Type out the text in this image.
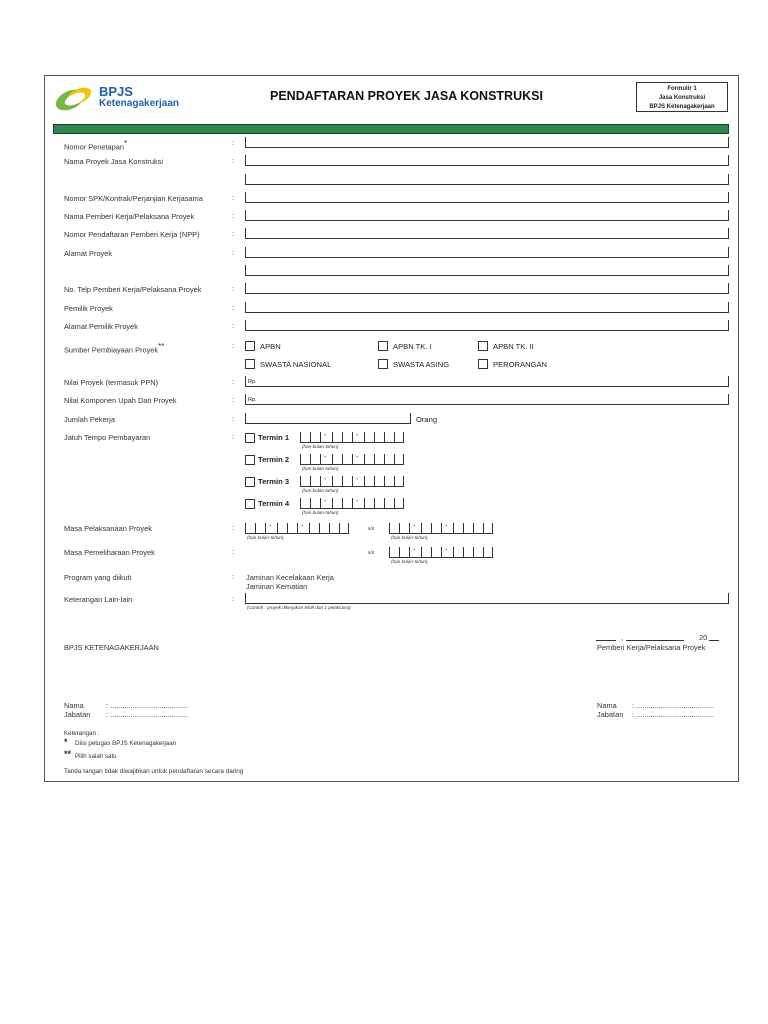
BPJS
Ketenagakerjaan
PENDAFTARAN PROYEK JASA KONSTRUKSI	Formulir 1
Jasa Konstruksi
BPJS Ketenagakerjaan
Nomor Penetapan*	:
Nama Proyek Jasa Konstruksi	:
Nomor SPK/Kontrak/Perjanjian Kerjasama	:
Nama Pemberi Kerja/Pelaksana Proyek	:
Nomor Pendaftaran Pemberi Kerja (NPP)	:
Alamat Proyek	:
No. Telp Pemberi Kerja/Pelaksana Proyek	:
Pemilik Proyek	:
Alamat Pemilik Proyek	:
Sumber Pembiayaan Proyek**	:	APBN	APBN TK. I	APBN TK. II
SWASTA NASIONAL	SWASTA ASING	PERORANGAN
Nilai Proyek (termasuk PPN)	:	Rp.
Nilai Komponen Upah Dari Proyek	:	Rp.
Jumlah Pekerja	:	Orang
Jatuh Tempo Pembayaran	:	Termin 1
-
-
(hari-bulan-tahun)
Termin 2
-
-
(hari-bulan-tahun)
Termin 3
-
-
(hari-bulan-tahun)
Termin 4
-
-
(hari-bulan-tahun)
Masa Pelaksanaan Proyek	:
-
-
(hari-bulan-tahun)
s/d
-
-
(hari-bulan-tahun)
Masa Pemeliharaan Proyek	:	s/d
-
-
(hari-bulan-tahun)
Program yang diikuti	: Jaminan Kecelakaan Kerja
Jaminan Kematian
Keterangan Lain-lain	:
(Contoh : proyek dikerjakan lebih dari 1 pelaksana)
BPJS KETENAGAKERJAAN
,	20
Pemberi Kerja/Pelaksana Proyek
Nama	: ......................................
Jabatan : ......................................
Nama : ......................................
Jabatan : ......................................
Keterangan :
* Diisi petugas BPJS Ketenagakerjaan
** Pilih salah satu
Tanda tangan tidak diwajibkan untuk pendaftaran secara daring
